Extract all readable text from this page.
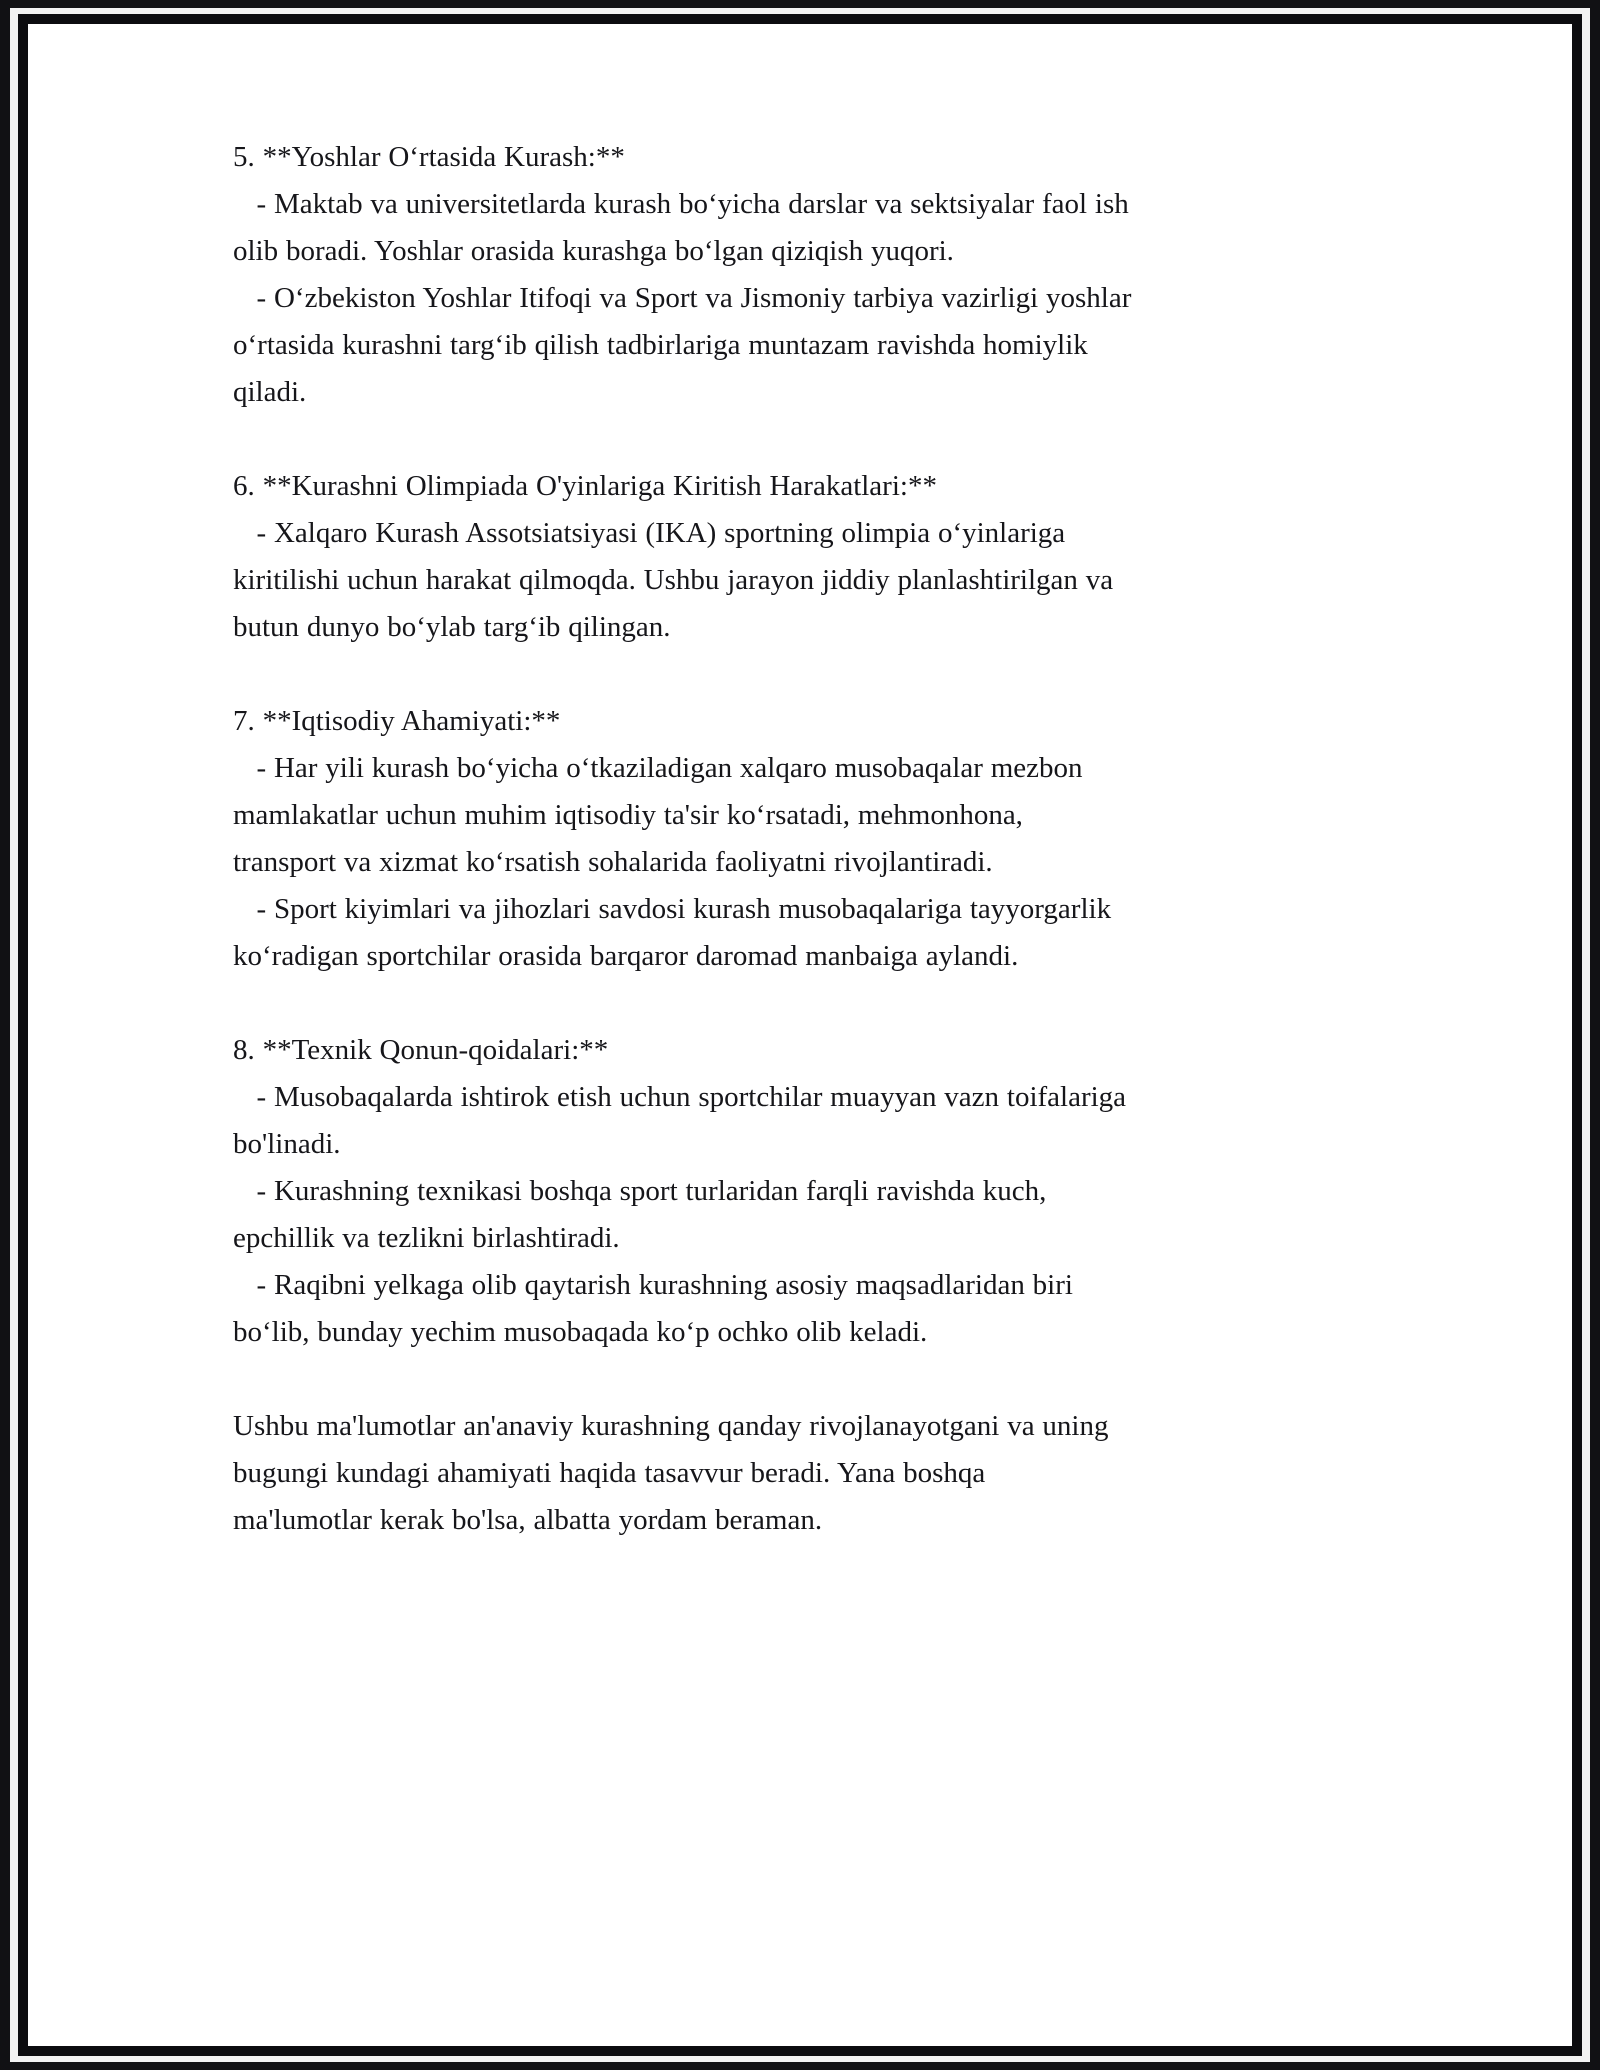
5. **Yoshlar O‘rtasida Kurash:**
- Maktab va universitetlarda kurash bo‘yicha darslar va sektsiyalar faol ish
olib boradi. Yoshlar orasida kurashga bo‘lgan qiziqish yuqori.
- O‘zbekiston Yoshlar Itifoqi va Sport va Jismoniy tarbiya vazirligi yoshlar
o‘rtasida kurashni targ‘ib qilish tadbirlariga muntazam ravishda homiylik
qiladi.
6. **Kurashni Olimpiada O'yinlariga Kiritish Harakatlari:**
- Xalqaro Kurash Assotsiatsiyasi (IKA) sportning olimpia o‘yinlariga
kiritilishi uchun harakat qilmoqda. Ushbu jarayon jiddiy planlashtirilgan va
butun dunyo bo‘ylab targ‘ib qilingan.
7. **Iqtisodiy Ahamiyati:**
- Har yili kurash bo‘yicha o‘tkaziladigan xalqaro musobaqalar mezbon
mamlakatlar uchun muhim iqtisodiy ta'sir ko‘rsatadi, mehmonhona,
transport va xizmat ko‘rsatish sohalarida faoliyatni rivojlantiradi.
- Sport kiyimlari va jihozlari savdosi kurash musobaqalariga tayyorgarlik
ko‘radigan sportchilar orasida barqaror daromad manbaiga aylandi.
8. **Texnik Qonun-qoidalari:**
- Musobaqalarda ishtirok etish uchun sportchilar muayyan vazn toifalariga
bo'linadi.
- Kurashning texnikasi boshqa sport turlaridan farqli ravishda kuch,
epchillik va tezlikni birlashtiradi.
- Raqibni yelkaga olib qaytarish kurashning asosiy maqsadlaridan biri
bo‘lib, bunday yechim musobaqada ko‘p ochko olib keladi.
Ushbu ma'lumotlar an'anaviy kurashning qanday rivojlanayotgani va uning
bugungi kundagi ahamiyati haqida tasavvur beradi. Yana boshqa
ma'lumotlar kerak bo'lsa, albatta yordam beraman.
